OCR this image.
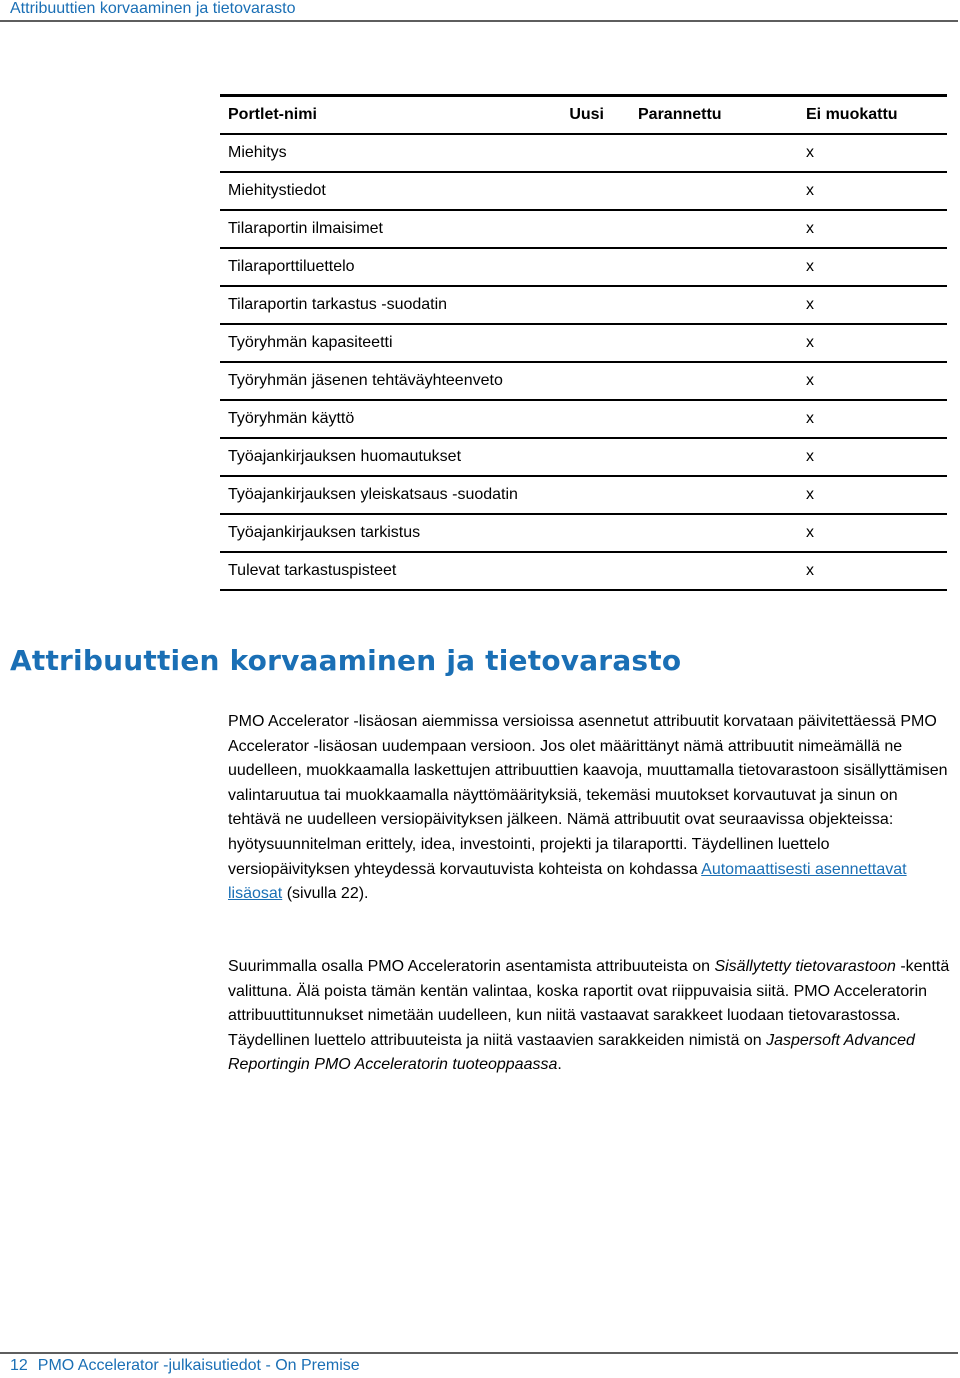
Attribuuttien korvaaminen ja tietovarasto
Portlet-nimi	Uusi	Parannettu	Ei muokattu
Miehitys			x
Miehitystiedot			x
Tilaraportin ilmaisimet			x
Tilaraporttiluettelo			x
Tilaraportin tarkastus -suodatin			x
Työryhmän kapasiteetti			x
Työryhmän jäsenen tehtäväyhteenveto			x
Työryhmän käyttö			x
Työajankirjauksen huomautukset			x
Työajankirjauksen yleiskatsaus -suodatin			x
Työajankirjauksen tarkistus			x
Tulevat tarkastuspisteet			x
Attribuuttien korvaaminen ja tietovarasto

PMO Accelerator -lisäosan aiemmissa versioissa asennetut attribuutit korvataan päivitettäessä PMO Accelerator -lisäosan uudempaan versioon. Jos olet määrittänyt nämä attribuutit nimeämällä ne uudelleen, muokkaamalla laskettujen attribuuttien kaavoja, muuttamalla tietovarastoon sisällyttämisen valintaruutua tai muokkaamalla näyttömäärityksiä, tekemäsi muutokset korvautuvat ja sinun on tehtävä ne uudelleen versiopäivityksen jälkeen. Nämä attribuutit ovat seuraavissa objekteissa: hyötysuunnitelman erittely, idea, investointi, projekti ja tilaraportti. Täydellinen luettelo versiopäivityksen yhteydessä korvautuvista kohteista on kohdassa Automaattisesti asennettavat lisäosat (sivulla 22).

Suurimmalla osalla PMO Acceleratorin asentamista attribuuteista on Sisällytetty tietovarastoon -kenttä valittuna. Älä poista tämän kentän valintaa, koska raportit ovat riippuvaisia siitä. PMO Acceleratorin attribuuttitunnukset nimetään uudelleen, kun niitä vastaavat sarakkeet luodaan tietovarastossa. Täydellinen luettelo attribuuteista ja niitä vastaavien sarakkeiden nimistä on Jaspersoft Advanced Reportingin PMO Acceleratorin tuoteoppaassa.

12 PMO Accelerator -julkaisutiedot - On Premise
